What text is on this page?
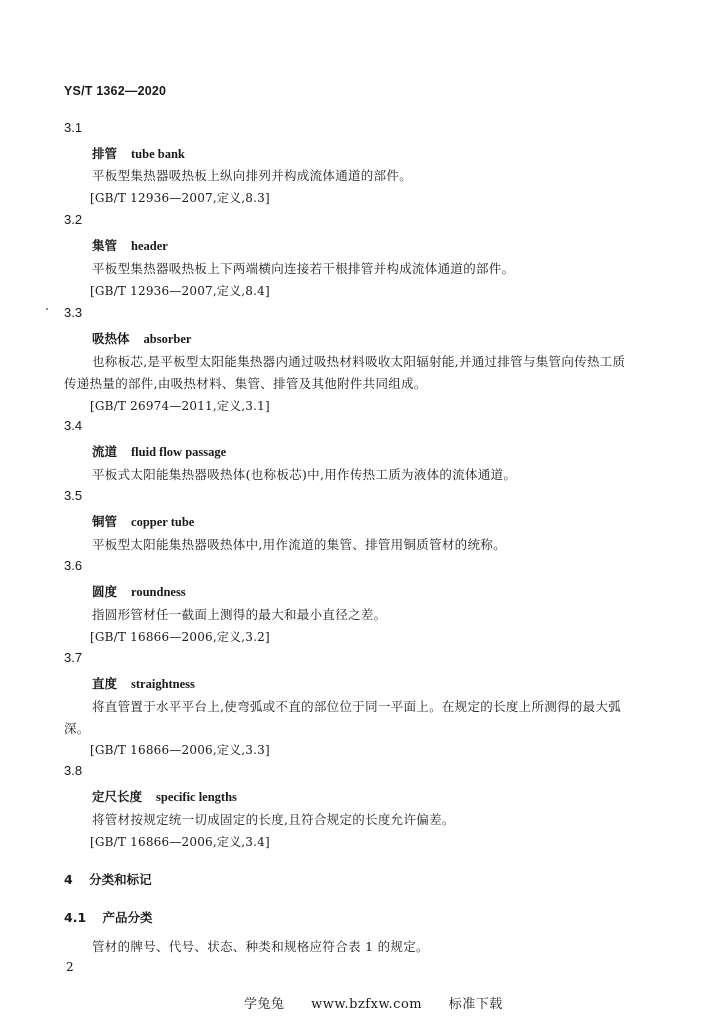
YS/T 1362—2020
3.1
排管 tube bank
平板型集热器吸热板上纵向排列并构成流体通道的部件。
[GB/T 12936—2007,定义,8.3]
3.2
集管 header
平板型集热器吸热板上下两端横向连接若干根排管并构成流体通道的部件。
[GB/T 12936—2007,定义,8.4]
3.3
吸热体 absorber
也称板芯,是平板型太阳能集热器内通过吸热材料吸收太阳辐射能,并通过排管与集管向传热工质
传递热量的部件,由吸热材料、集管、排管及其他附件共同组成。
[GB/T 26974—2011,定义,3.1]
3.4
流道 fluid flow passage
平板式太阳能集热器吸热体(也称板芯)中,用作传热工质为液体的流体通道。
3.5
铜管 copper tube
平板型太阳能集热器吸热体中,用作流道的集管、排管用铜质管材的统称。
3.6
圆度 roundness
指圆形管材任一截面上测得的最大和最小直径之差。
[GB/T 16866—2006,定义,3.2]
3.7
直度 straightness
将直管置于水平平台上,使弯弧或不直的部位位于同一平面上。在规定的长度上所测得的最大弧
深。
[GB/T 16866—2006,定义,3.3]
3.8
定尺长度 specific lengths
将管材按规定统一切成固定的长度,且符合规定的长度允许偏差。
[GB/T 16866—2006,定义,3.4]
4 分类和标记
4.1 产品分类
管材的牌号、代号、状态、种类和规格应符合表 1 的规定。
2
学兔兔 www.bzfxw.com 标准下载
